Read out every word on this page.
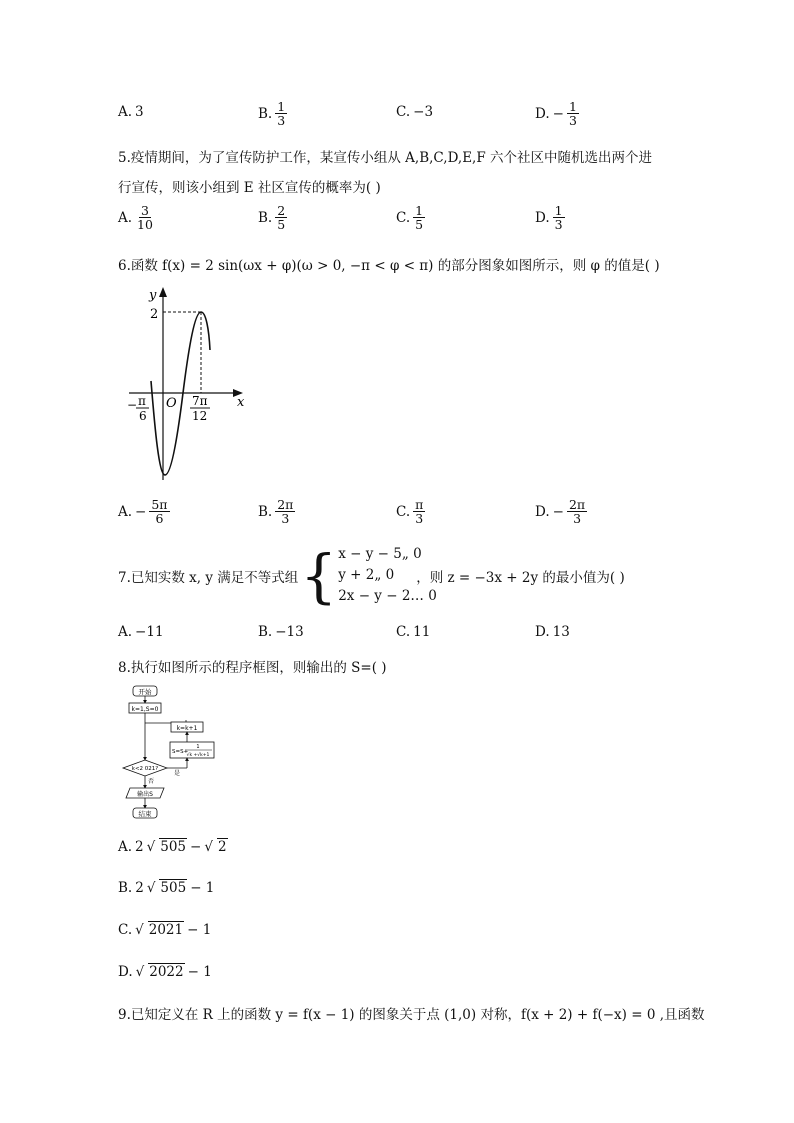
A. 3	B. $\frac{1}{3}$	C. −3	D. − $\frac{1}{3}$
5.疫情期间，为了宣传防护工作，某宣传小组从 A,B,C,D,E,F 六个社区中随机选出两个进
行宣传，则该小组到 E 社区宣传的概率为( )
A. $\frac{3}{10}$	B. $\frac{2}{5}$	C. $\frac{1}{5}$	D. $\frac{1}{3}$
6.函数 f(x) = 2 sin(ωx + φ)(ω > 0, −π < φ < π) 的部分图象如图所示，则 φ 的值是( )
y
x
2
O
− π
6
7π
12
A. − $\frac{5\pi}{6}$	B. $\frac{2\pi}{3}$	C. $\frac{\pi}{3}$	D. − $\frac{2\pi}{3}$
7.已知实数 x, y 满足不等式组 { x − y − 5„ 0
y + 2„ 0
2x − y − 2… 0
，则 z = −3x + 2y 的最小值为( )
A. −11	B. −13	C. 11	D. 13
8.执行如图所示的程序框图，则输出的 S=( )
开始
k=1,S=0
k=k+1
S=S+
1
√k +√k+1
k<2 021?
是
否
输出S
结束
A. 2 √ 505 − √ 2
B. 2 √ 505 − 1
C. √ 2021 − 1
D. √ 2022 − 1
9.已知定义在 R 上的函数 y = f(x − 1) 的图象关于点 (1,0) 对称，f(x + 2) + f(−x) = 0 ,且函数
